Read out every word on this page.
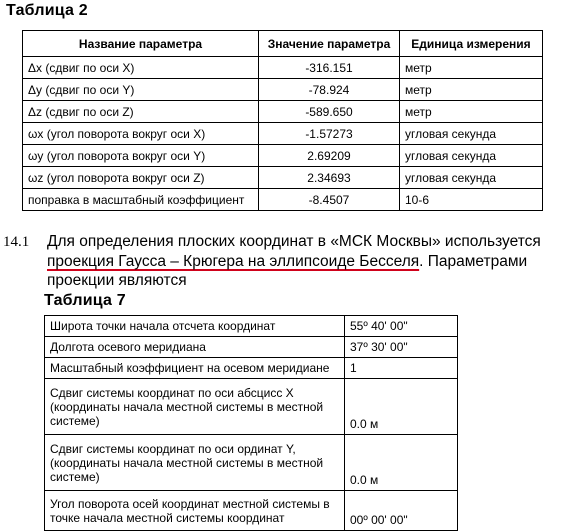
Таблица 2
Название параметра	Значение параметра	Единица измерения
Δx (сдвиг по оси X)	-316.151	метр
Δy (сдвиг по оси Y)	-78.924	метр
Δz (сдвиг по оси Z)	-589.650	метр
ωx (угол поворота вокруг оси X)	-1.57273	угловая секунда
ωy (угол поворота вокруг оси Y)	2.69209	угловая секунда
ωz (угол поворота вокруг оси Z)	2.34693	угловая секунда
поправка в масштабный коэффициент	-8.4507	10-6
14.1 Для определения плоских координат в «МСК Москвы» используется
проекция Гаусса – Крюгера на эллипсоиде Бесселя. Параметрами
проекции являются
Таблица 7
Широта точки начала отсчета координат	55º 40' 00"
Долгота осевого меридиана	37º 30' 00"
Масштабный коэффициент на осевом меридиане	1
Сдвиг системы координат по оси абсцисс X (координаты начала местной системы в местной системе)	0.0 м
Сдвиг системы координат по оси ординат Y, (координаты начала местной системы в местной системе)	0.0 м
Угол поворота осей координат местной системы в точке начала местной системы координат	00º 00' 00"
